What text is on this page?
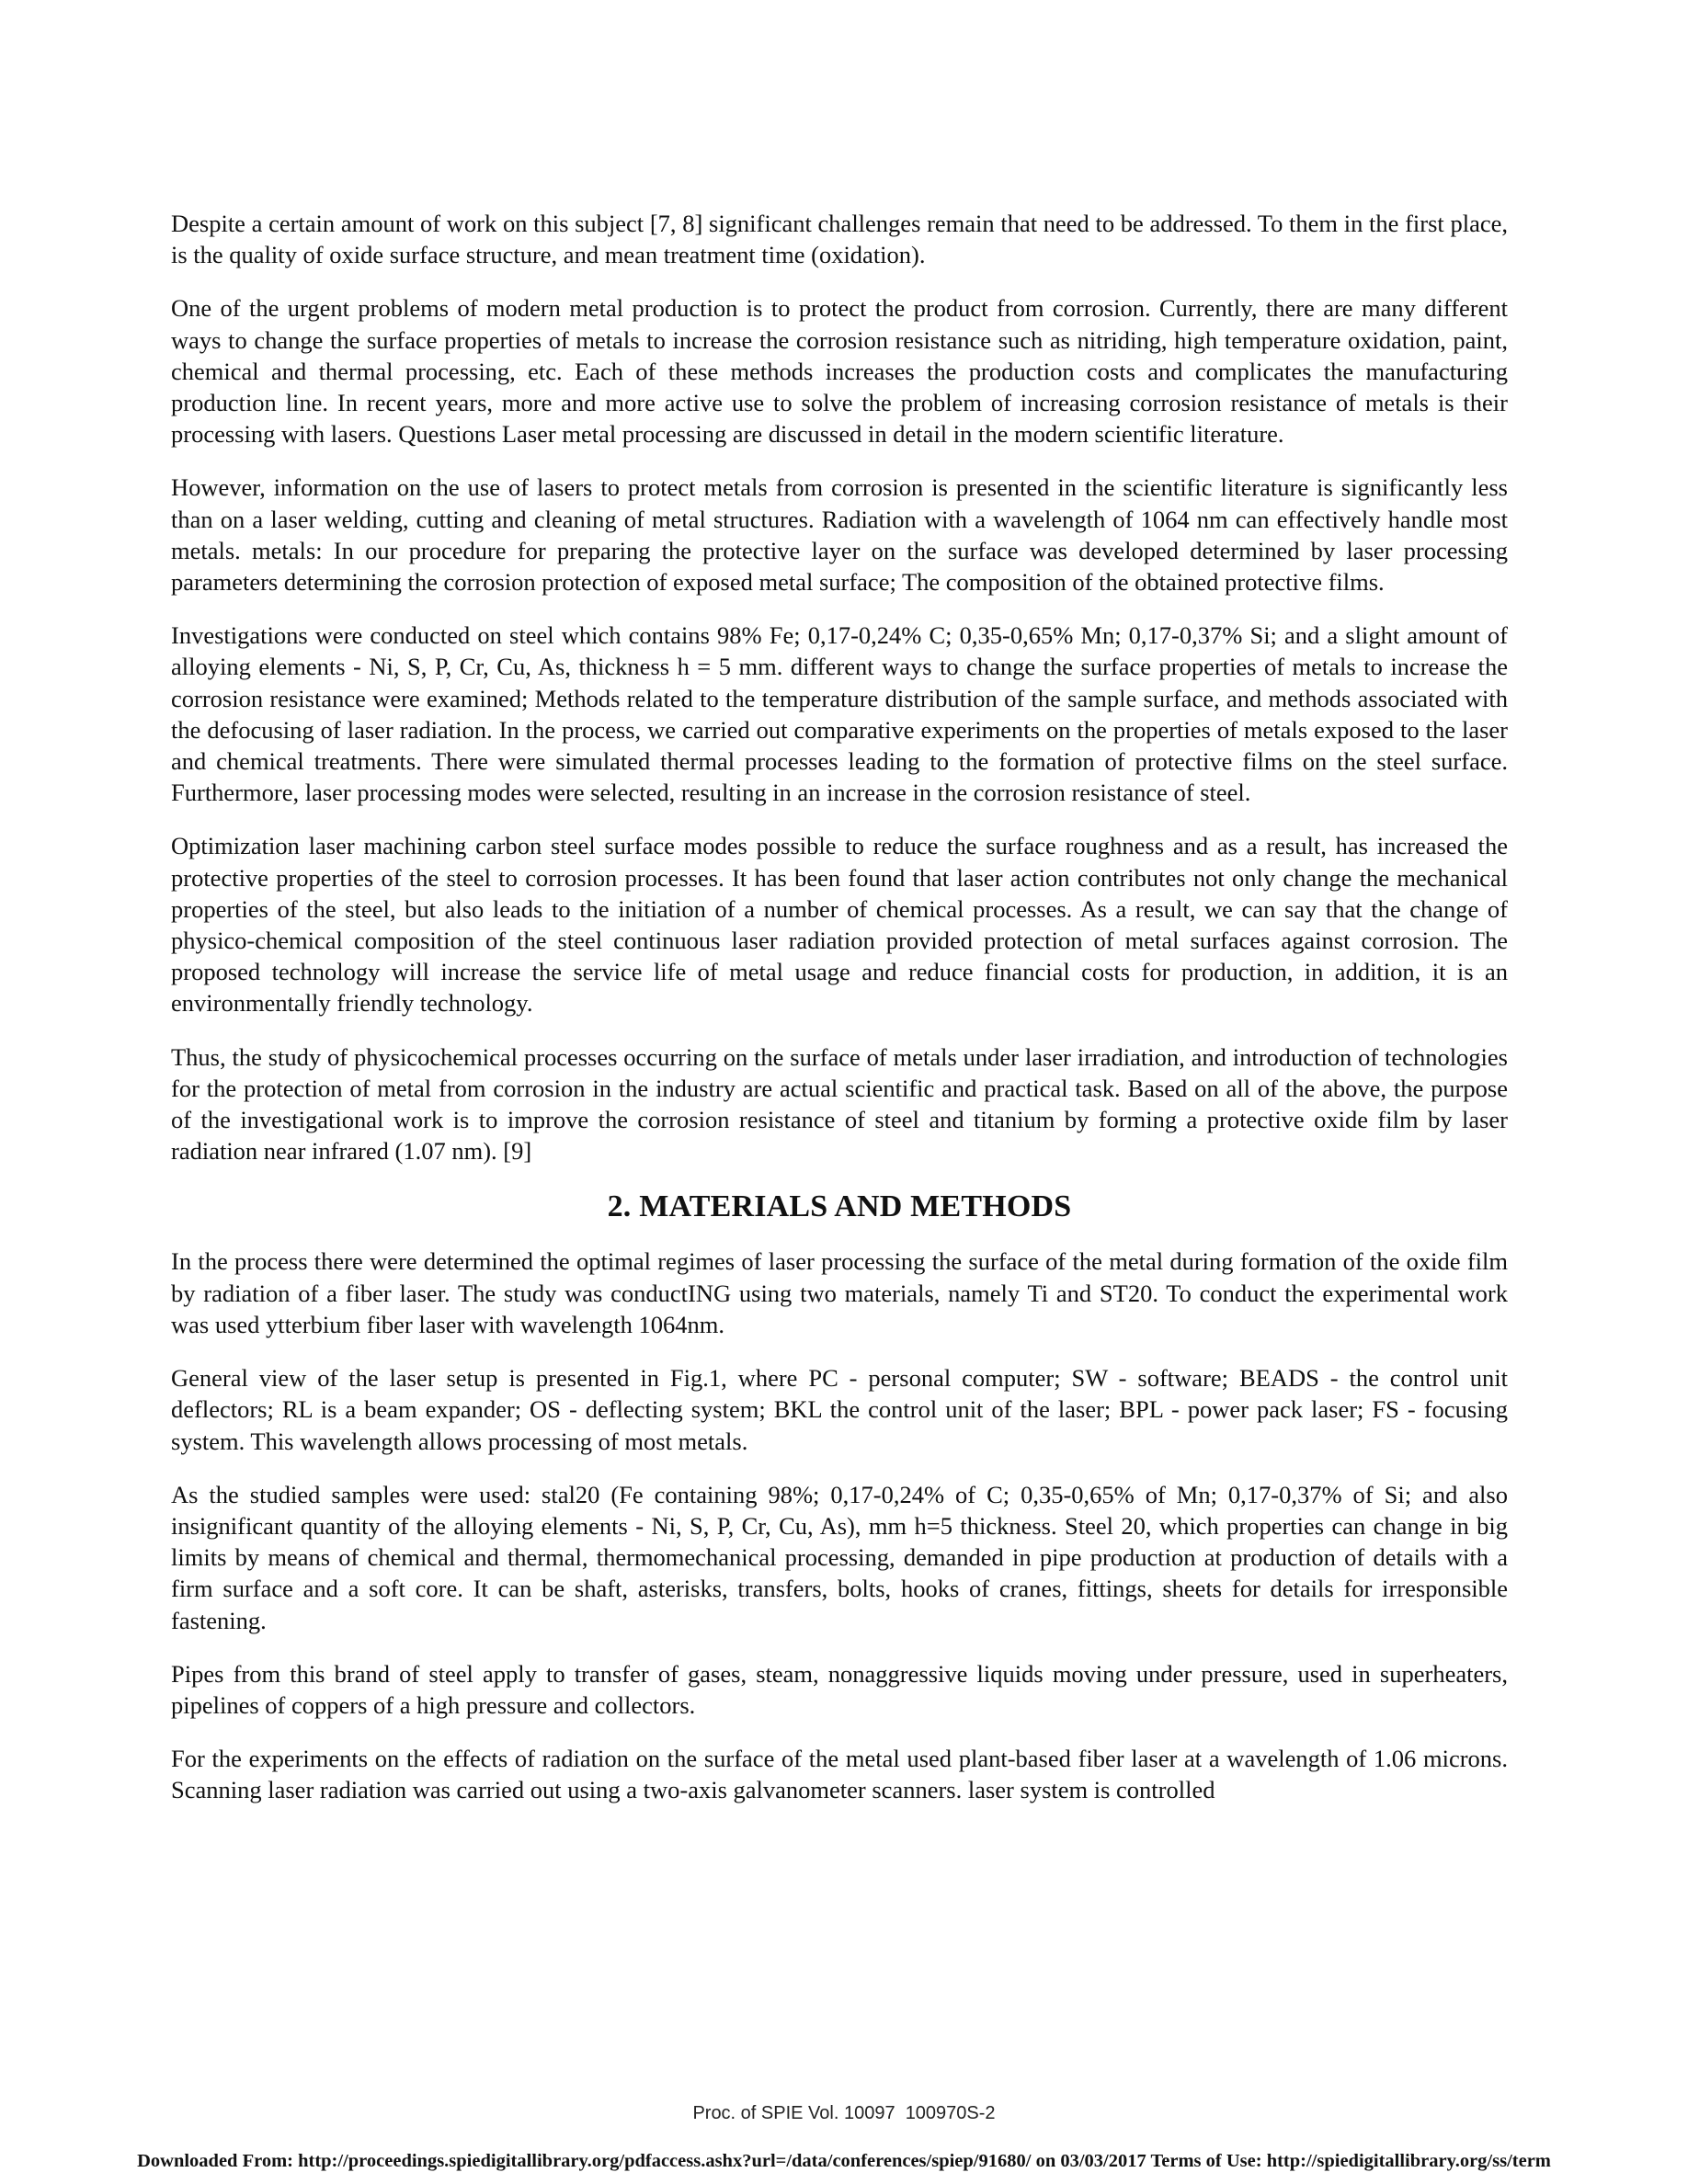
Despite a certain amount of work on this subject [7, 8] significant challenges remain that need to be addressed. To them in the first place, is the quality of oxide surface structure, and mean treatment time (oxidation).

One of the urgent problems of modern metal production is to protect the product from corrosion. Currently, there are many different ways to change the surface properties of metals to increase the corrosion resistance such as nitriding, high temperature oxidation, paint, chemical and thermal processing, etc. Each of these methods increases the production costs and complicates the manufacturing production line. In recent years, more and more active use to solve the problem of increasing corrosion resistance of metals is their processing with lasers. Questions Laser metal processing are discussed in detail in the modern scientific literature.

However, information on the use of lasers to protect metals from corrosion is presented in the scientific literature is significantly less than on a laser welding, cutting and cleaning of metal structures. Radiation with a wavelength of 1064 nm can effectively handle most metals. metals: In our procedure for preparing the protective layer on the surface was developed determined by laser processing parameters determining the corrosion protection of exposed metal surface; The composition of the obtained protective films.

Investigations were conducted on steel which contains 98% Fe; 0,17-0,24% C; 0,35-0,65% Mn; 0,17-0,37% Si; and a slight amount of alloying elements - Ni, S, P, Cr, Cu, As, thickness h = 5 mm. different ways to change the surface properties of metals to increase the corrosion resistance were examined; Methods related to the temperature distribution of the sample surface, and methods associated with the defocusing of laser radiation. In the process, we carried out comparative experiments on the properties of metals exposed to the laser and chemical treatments. There were simulated thermal processes leading to the formation of protective films on the steel surface. Furthermore, laser processing modes were selected, resulting in an increase in the corrosion resistance of steel.

Optimization laser machining carbon steel surface modes possible to reduce the surface roughness and as a result, has increased the protective properties of the steel to corrosion processes. It has been found that laser action contributes not only change the mechanical properties of the steel, but also leads to the initiation of a number of chemical processes. As a result, we can say that the change of physico-chemical composition of the steel continuous laser radiation provided protection of metal surfaces against corrosion. The proposed technology will increase the service life of metal usage and reduce financial costs for production, in addition, it is an environmentally friendly technology.

Thus, the study of physicochemical processes occurring on the surface of metals under laser irradiation, and introduction of technologies for the protection of metal from corrosion in the industry are actual scientific and practical task. Based on all of the above, the purpose of the investigational work is to improve the corrosion resistance of steel and titanium by forming a protective oxide film by laser radiation near infrared (1.07 nm). [9]

2. MATERIALS AND METHODS

In the process there were determined the optimal regimes of laser processing the surface of the metal during formation of the oxide film by radiation of a fiber laser. The study was conductING using two materials, namely Ti and ST20. To conduct the experimental work was used ytterbium fiber laser with wavelength 1064nm.

General view of the laser setup is presented in Fig.1, where PC - personal computer; SW - software; BEADS - the control unit deflectors; RL is a beam expander; OS - deflecting system; BKL the control unit of the laser; BPL - power pack laser; FS - focusing system. This wavelength allows processing of most metals.

As the studied samples were used: stal20 (Fe containing 98%; 0,17-0,24% of C; 0,35-0,65% of Mn; 0,17-0,37% of Si; and also insignificant quantity of the alloying elements - Ni, S, P, Cr, Cu, As), mm h=5 thickness. Steel 20, which properties can change in big limits by means of chemical and thermal, thermomechanical processing, demanded in pipe production at production of details with a firm surface and a soft core. It can be shaft, asterisks, transfers, bolts, hooks of cranes, fittings, sheets for details for irresponsible fastening.

Pipes from this brand of steel apply to transfer of gases, steam, nonaggressive liquids moving under pressure, used in superheaters, pipelines of coppers of a high pressure and collectors.

For the experiments on the effects of radiation on the surface of the metal used plant-based fiber laser at a wavelength of 1.06 microns. Scanning laser radiation was carried out using a two-axis galvanometer scanners. laser system is controlled

Proc. of SPIE Vol. 10097  100970S-2
Downloaded From: http://proceedings.spiedigitallibrary.org/pdfaccess.ashx?url=/data/conferences/spiep/91680/ on 03/03/2017 Terms of Use: http://spiedigitallibrary.org/ss/term
